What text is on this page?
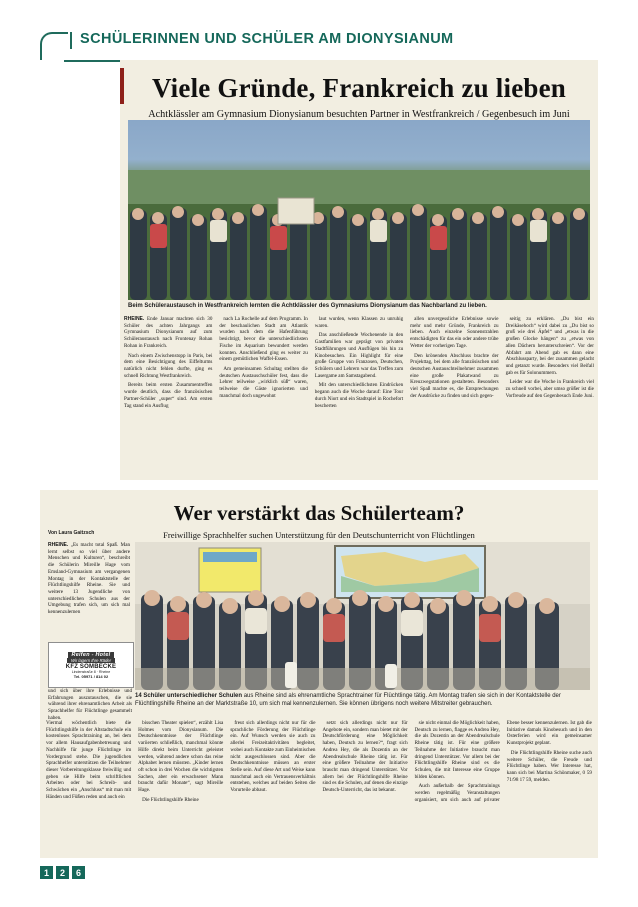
SCHÜLERINNEN UND SCHÜLER AM DIONYSIANUM
Viele Gründe, Frankreich zu lieben
Achtklässler am Gymnasium Dionysianum besuchten Partner in Westfrankreich / Gegenbesuch im Juni
Beim Schüleraustausch in Westfrankreich lernten die Achtklässler des Gymnasiums Dionysianum das Nachbarland zu lieben.

RHEINE. Ende Januar machten sich 30 Schüler des achten Jahrgangs am Gymnasium Dionysianum auf zum Schüleraustausch nach Frontenay Rohan Rohan in Frankreich.

Nach einem Zwischenstopp in Paris, bei dem eine Besichtigung des Eiffelturms natürlich nicht fehlen durfte, ging es schnell Richtung Westfrankreich.

Bereits beim ersten Zusammentreffen wurde deutlich, dass die französischen Partner-Schüler „super“ sind. Am ersten Tag stand ein Ausflug

nach La Rochelle auf dem Programm. In der beschaulichen Stadt am Atlantik wurden nach dem die Hafenführung besichtigt, bevor die unterschiedlichsten Fische im Aquarium bewundert werden konnten. Anschließend ging es weiter zu einem gemütlichen Waffel-Essen.

Am gemeinsamen Schultag stellten die deutschen Austauschschüler fest, dass die Lehrer teilweise „wirklich süß“ waren, teilweise die Gäste ignorierten und manchmal doch ungewohnt

laut wurden, wenn Klassen zu unruhig waren.

Das anschließende Wochenende in den Gastfamilien war geprägt von privaten Stadtführungen und Ausflügen bis hin zu Kinobesuchen. Ein Highlight für eine große Gruppe von Franzosen, Deutschen, Schülern und Lehrern war das Treffen zum Lasergame am Samstagabend.

Mit den unterschiedlichsten Eindrücken begann auch die Woche darauf: Eine Tour durch Niort und ein Stadtspiel in Rochefort bescherten

allen unvergessliche Erlebnisse sowie mehr und mehr Gründe, Frankreich zu lieben. Auch einzelne Sonnenstrahlen entschädigten für das ein oder andere trübe Wetter der vorherigen Tage.

Den krönenden Abschluss brachte der Projekttag, bei dem alle französischen und deutschen Austauschteilnehmer zusammen eine große Plakatwand zu Kreuzwegstationen gestalteten. Besonders viel Spaß machte es, die Entsprechungen der Ausdrücke zu finden und sich gegen-

seitig zu erklären. „Du bist ein Dreikäsehoch“ wird dabei zu „Du bist so groß wie drei Äpfel“ und „etwas in die großen Glocke hängen“ zu „etwas von allen Dächern herunterschreien“. Vor der Abfahrt am Abend gab es dann eine Abschlussparty, bei der zusammen gelacht und getanzt wurde. Besonders viel Beifall gab es für Solonummern.

Leider war die Woche in Frankreich viel zu schnell vorbei, aber umso größer ist die Vorfreude auf den Gegenbesuch Ende Juni.

Wer verstärkt das Schülerteam?
Freiwillige Sprachhelfer suchen Unterstützung für den Deutschunterricht von Flüchtlingen
Von Laura Gaitzsch
RHEINE. „Es macht total Spaß. Man lernt selbst so viel über andere Menschen und Kulturen“, beschreibt die Schülerin Mireille Hage vom Emsland-Gymnasium am vergangenen Montag in der Kontaktstelle der Flüchtlingshilfe Rheine. Sie und weitere 13 Jugendliche von unterschiedlichen Schulen aus der Umgebung trafen sich, um sich mal kennenzulernen
Reifen - Hotel
Wir lagern Ihre Räder
KFZ SOMBECKE
Lindenstraße 8 · Rheine
Tel. 05971 / 814 02
und sich über ihre Erlebnisse und Erfahrungen auszutauschen, die sie während ihrer ehrenamtlichen Arbeit als Sprachhelfer für Flüchtlinge gesammelt haben.
14 Schüler unterschiedlicher Schulen aus Rheine sind als ehrenamtliche Sprachtrainer für Flüchtlinge tätig. Am Montag trafen sie sich in der Kontaktstelle der Flüchtlingshilfe Rheine an der Marktstraße 10, um sich mal kennenzulernen. Sie können übrigens noch weitere Mitstreiter gebrauchen.

Viermal wöchentlich biete die Flüchtlingshilfe in der Altstadtschule ein kostenloses Sprachtraining an, bei dem vor allem Hausaufgabenbetreuung und Nachhilfe für junge Flüchtlinge im Vordergrund stehe. Die jugendlichen Sprachhelfer unterstützen die Teilnehmer dieser Vorbereitungsklasse freiwillig und geben sie Hilfe beim schriftlichen Arbeiten oder bei Schreib- und Schwächen ein „Anschluss“ mit man mit Händen und Füßen reden und auch ein

bisschen Theater spielen“, erzählt Lisa Holmes vom Dionysianum. Die Deutschkenntnisse der Flüchtlinge variierten schließlich, manchmal könnte Hilfe direkt beim Unterricht geleistet werden, während andere schon das reine Alphabet lernen müssten. „Kinder lernen oft schon in drei Wochen die wichtigsten Sachen, aber ein erwachsener Mann braucht dafür Monate“, sagt Mireille Hage.

Die Flüchtlingshilfe Rheine

freut sich allerdings nicht nur für die sprachliche Förderung der Flüchtlinge ein. Auf Wunsch werden sie auch zu allerlei Freizeitaktivitäten begleitet, wobei auch Kontakte zum Einheimischen nicht ausgeschlossen sind. Aber die Deutschkenntnisse müssen an erster Stelle sein. Auf diese Art und Weise kann manchmal auch ein Vertrauensverhältnis entstehen, welches auf beiden Seiten die Vorurteile abbaut.

setzt sich allerdings nicht nur für Angebote ein, sondern man bietet mit der Deutschförderung eine Möglichkeit haben, Deutsch zu lernen?“, fragt sich Andrea Hey, die als Dozentin an der Abendrealschule Rheine tätig ist. Für eine größere Teilnahme der Initiative braucht man dringend Unterstützer. Vor allem bei der Flüchtlingshilfe Rheine sind es die Schulen, auf denen die einzige Deutsch-Unterricht, das ist bekannt.

sie nicht einmal die Möglichkeit haben, Deutsch zu lernen, flagge es Andrea Hey, die als Dozentin an der Abendrealschule Rheine tätig ist. Für eine größere Teilnahme der Initiative braucht man dringend Unterstützer. Vor allem bei der Flüchtlingshilfe Rheine sind es die Schulen, die mit Interesse eine Gruppe bilden können.

Auch außerhalb der Sprachtrainings werden regelmäßig Veranstaltungen organisiert, um sich auch auf privater Ebene besser kennenzulernen. Ist gab die Initiative damals Kinobesuch und in den Osterferien wird ein gemeinsamer Kunstprojekt geplant.

Die Flüchtlingshilfe Rheine suche auch weitere Schüler, die Freude und Flüchtlinge haben. Wer Interesse hat, kann sich bei Martina Schönmaker, 0 59 71/98 17 59, melden.

1	2	6
